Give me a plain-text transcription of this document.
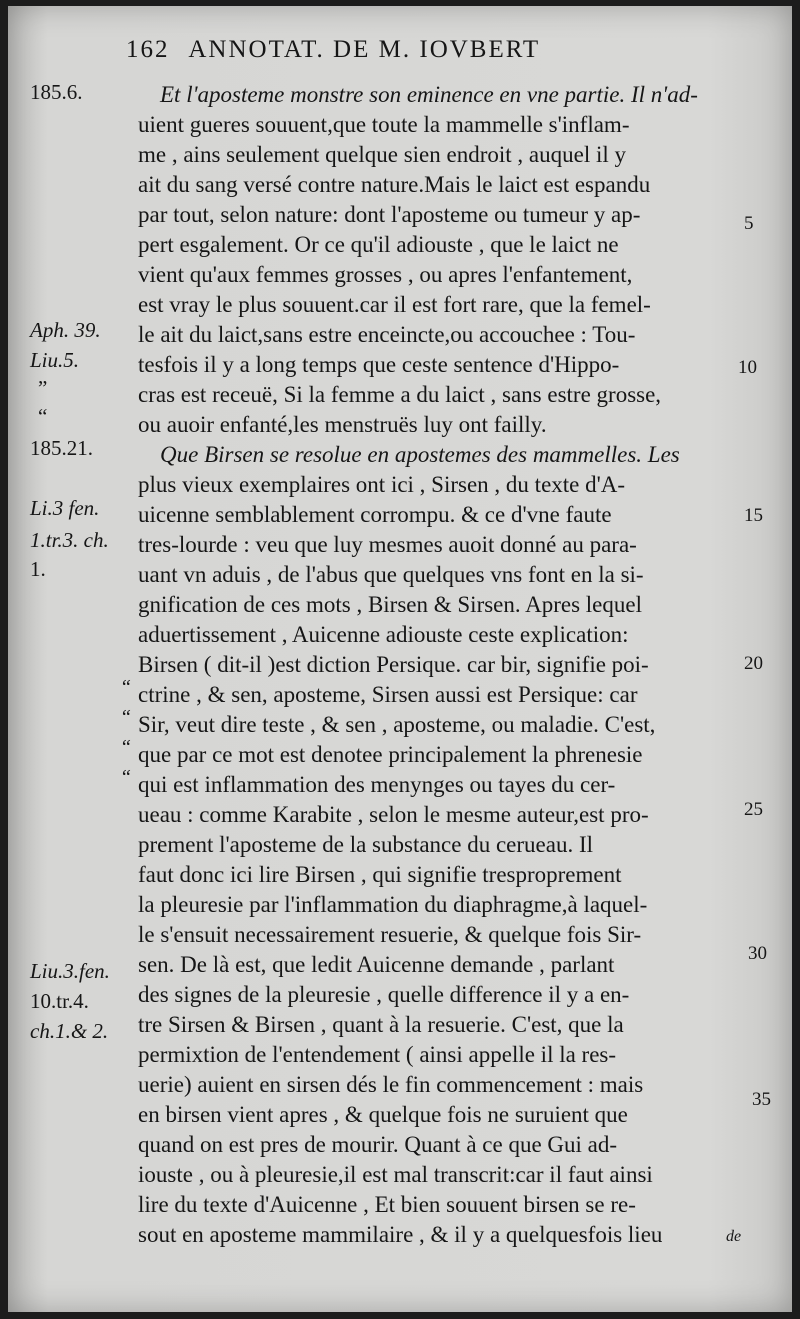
162 ANNOTAT. DE M. IOVBERT
185.6.
Aph. 39.
Liu.5.
185.21.
Li.3 fen.
1.tr.3. ch.
1.
Liu.3.fen.
10.tr.4.
ch.1.& 2.
”
“
“
“
“
“
Et l'aposteme monstre son eminence en vne partie. Il n'ad-
uient gueres souuent,que toute la mammelle s'inflam-
me , ains seulement quelque sien endroit , auquel il y
ait du sang versé contre nature.Mais le laict est espandu
par tout, selon nature: dont l'aposteme ou tumeur y ap-
pert esgalement. Or ce qu'il adiouste , que le laict ne
vient qu'aux femmes grosses , ou apres l'enfantement,
est vray le plus souuent.car il est fort rare, que la femel-
le ait du laict,sans estre enceincte,ou accouchee : Tou-
tesfois il y a long temps que ceste sentence d'Hippo-
cras est receuë, Si la femme a du laict , sans estre grosse,
ou auoir enfanté,les menstruës luy ont failly.
Que Birsen se resolue en apostemes des mammelles. Les
plus vieux exemplaires ont ici , Sirsen , du texte d'A-
uicenne semblablement corrompu. & ce d'vne faute
tres-lourde : veu que luy mesmes auoit donné au para-
uant vn aduis , de l'abus que quelques vns font en la si-
gnification de ces mots , Birsen & Sirsen. Apres lequel
aduertissement , Auicenne adiouste ceste explication:
Birsen ( dit-il )est diction Persique. car bir, signifie poi-
ctrine , & sen, aposteme, Sirsen aussi est Persique: car
Sir, veut dire teste , & sen , aposteme, ou maladie. C'est,
que par ce mot est denotee principalement la phrenesie
qui est inflammation des menynges ou tayes du cer-
ueau : comme Karabite , selon le mesme auteur,est pro-
prement l'aposteme de la substance du cerueau. Il
faut donc ici lire Birsen , qui signifie tresproprement
la pleuresie par l'inflammation du diaphragme,à laquel-
le s'ensuit necessairement resuerie, & quelque fois Sir-
sen. De là est, que ledit Auicenne demande , parlant
des signes de la pleuresie , quelle difference il y a en-
tre Sirsen & Birsen , quant à la resuerie. C'est, que la
permixtion de l'entendement ( ainsi appelle il la res-
uerie) auient en sirsen dés le fin commencement : mais
en birsen vient apres , & quelque fois ne suruient que
quand on est pres de mourir. Quant à ce que Gui ad-
iouste , ou à pleuresie,il est mal transcrit:car il faut ainsi
lire du texte d'Auicenne , Et bien souuent birsen se re-
sout en aposteme mammilaire , & il y a quelquesfois lieu
5
10
15
20
25
30
35
de
